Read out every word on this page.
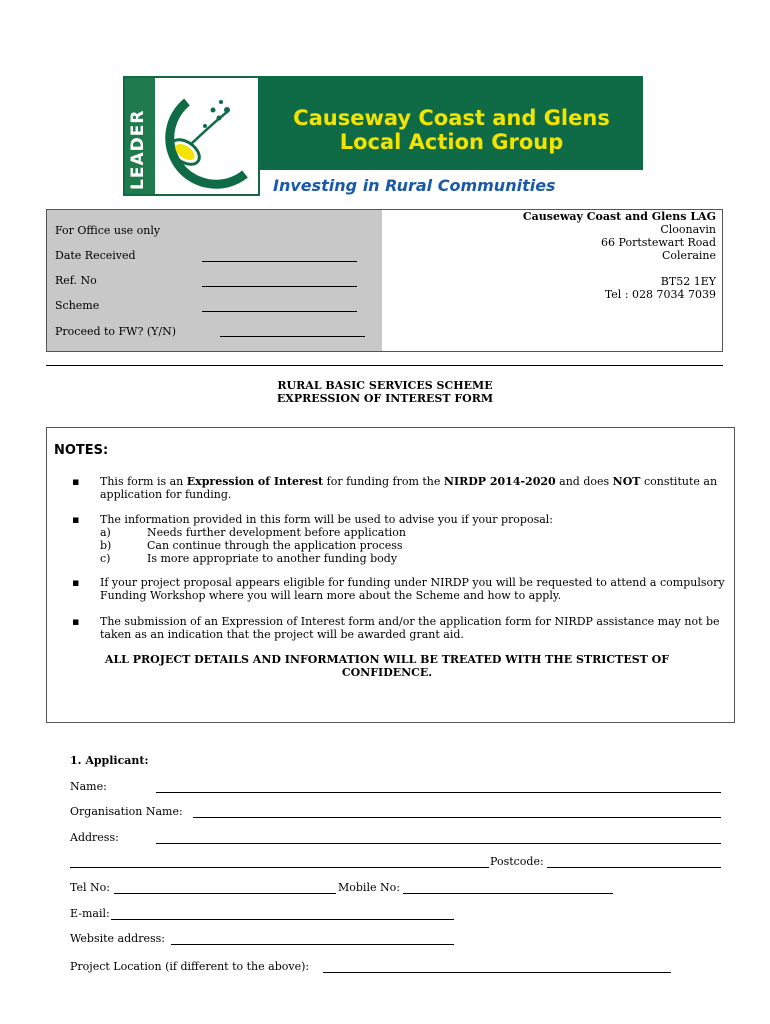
LEADER	Causeway Coast and Glens
Local Action Group
Investing in Rural Communities
For Office use only
Date Received
Ref. No
Scheme
Proceed to FW? (Y/N)
Causeway Coast and Glens LAG
Cloonavin
66 Portstewart Road
Coleraine
BT52 1EY
Tel : 028 7034 7039
RURAL BASIC SERVICES SCHEME
EXPRESSION OF INTEREST FORM
NOTES:
▪ This form is an Expression of Interest for funding from the NIRDP 2014-2020 and does NOT constitute an application for funding.
▪ The information provided in this form will be used to advise you if your proposal:
a)	Needs further development before application
b)	Can continue through the application process
c)	Is more appropriate to another funding body
▪ If your project proposal appears eligible for funding under NIRDP you will be requested to attend a compulsory Funding Workshop where you will learn more about the Scheme and how to apply.
▪ The submission of an Expression of Interest form and/or the application form for NIRDP assistance may not be taken as an indication that the project will be awarded grant aid.
ALL PROJECT DETAILS AND INFORMATION WILL BE TREATED WITH THE STRICTEST OF CONFIDENCE.
1. Applicant:
Name:
Organisation Name:
Address:
Postcode:
Tel No:	Mobile No:
E-mail:
Website address:
Project Location (if different to the above):
